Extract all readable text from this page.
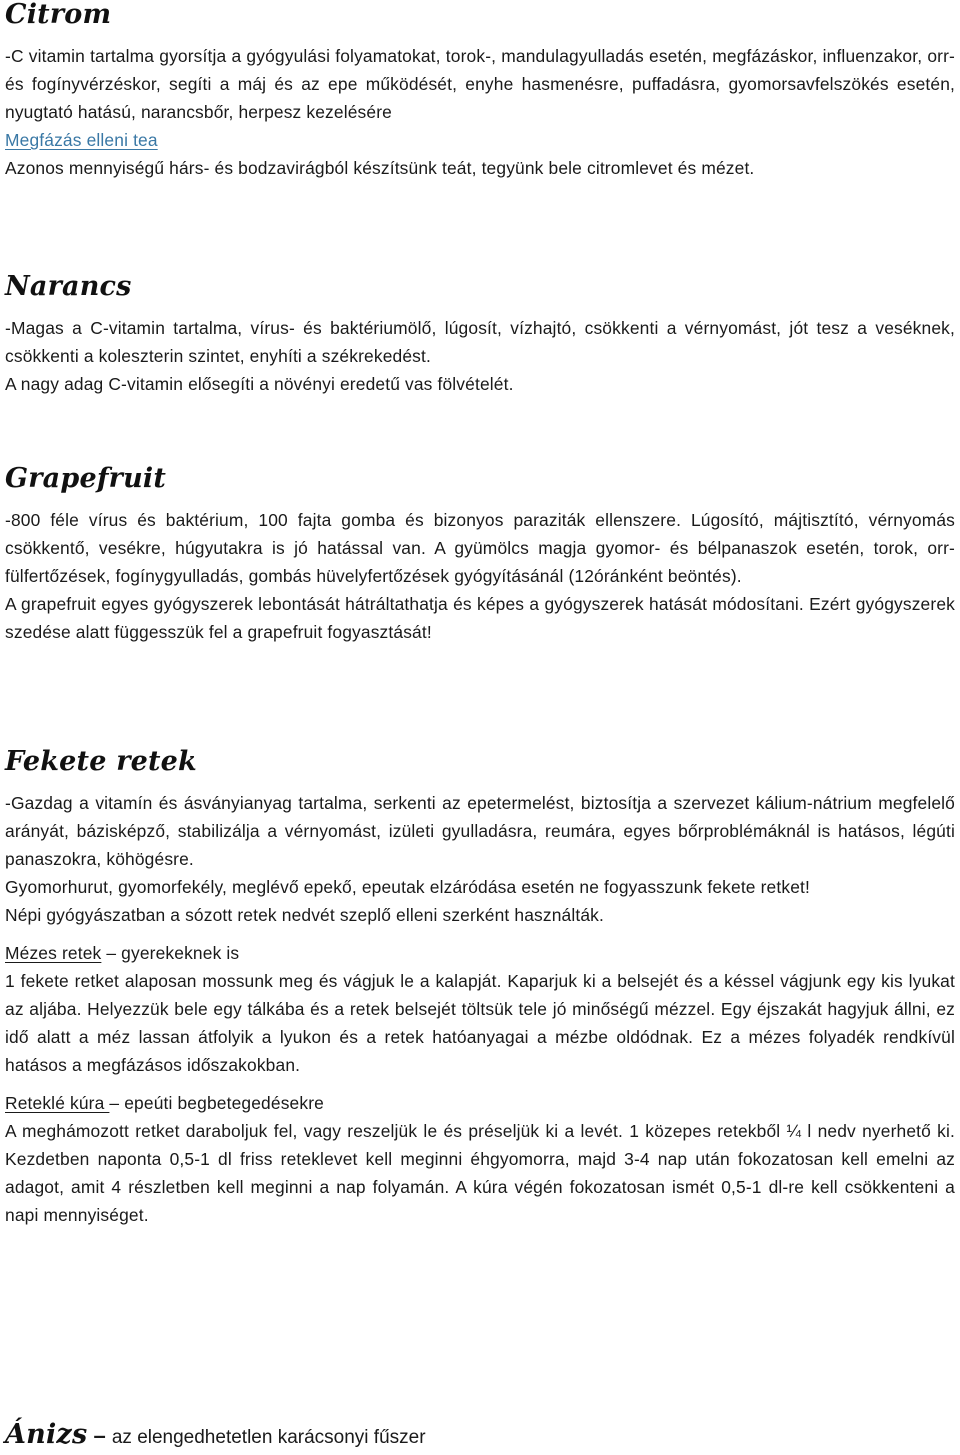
Citrom

-C vitamin tartalma gyorsítja a gyógyulási folyamatokat, torok-, mandulagyulladás esetén, megfázáskor, influenzakor, orr- és fogínyvérzéskor, segíti a máj és az epe működését, enyhe hasmenésre, puffadásra, gyomorsavfelszökés esetén, nyugtató hatású, narancsbőr, herpesz kezelésére

Megfázás elleni tea

Azonos mennyiségű hárs- és bodzavirágból készítsünk teát, tegyünk bele citromlevet és mézet.

Narancs

-Magas a C-vitamin tartalma, vírus- és baktériumölő, lúgosít, vízhajtó, csökkenti a vérnyomást, jót tesz a veséknek, csökkenti a koleszterin szintet, enyhíti a székrekedést.

A nagy adag C-vitamin elősegíti a növényi eredetű vas fölvételét.

Grapefruit

-800 féle vírus és baktérium, 100 fajta gomba és bizonyos paraziták ellenszere. Lúgosító, májtisztító, vérnyomás csökkentő, vesékre, húgyutakra is jó hatással van. A gyümölcs magja gyomor- és bélpanaszok esetén, torok, orr-fülfertőzések, fogínygyulladás, gombás hüvelyfertőzések gyógyításánál (12óránként beöntés).

A grapefruit egyes gyógyszerek lebontását hátráltathatja és képes a gyógyszerek hatását módosítani. Ezért gyógyszerek szedése alatt függesszük fel a grapefruit fogyasztását!

Fekete retek

-Gazdag a vitamín és ásványianyag tartalma, serkenti az epetermelést, biztosítja a szervezet kálium-nátrium megfelelő arányát, bázisképző, stabilizálja a vérnyomást, izületi gyulladásra, reumára, egyes bőrproblémáknál is hatásos, légúti panaszokra, köhögésre.

Gyomorhurut, gyomorfekély, meglévő epekő, epeutak elzáródása esetén ne fogyasszunk fekete retket!

Népi gyógyászatban a sózott retek nedvét szeplő elleni szerként használták.

Mézes retek – gyerekeknek is

1 fekete retket alaposan mossunk meg és vágjuk le a kalapját. Kaparjuk ki a belsejét és a késsel vágjunk egy kis lyukat az aljába. Helyezzük bele egy tálkába és a retek belsejét töltsük tele jó minőségű mézzel. Egy éjszakát hagyjuk állni, ez idő alatt a méz lassan átfolyik a lyukon és a retek hatóanyagai a mézbe oldódnak. Ez a mézes folyadék rendkívül hatásos a megfázásos időszakokban.

Reteklé kúra – epeúti begbetegedésekre

A meghámozott retket daraboljuk fel, vagy reszeljük le és préseljük ki a levét. 1 közepes retekből ¼ l nedv nyerhető ki. Kezdetben naponta 0,5-1 dl friss reteklevet kell meginni éhgyomorra, majd 3-4 nap után fokozatosan kell emelni az adagot, amit 4 részletben kell meginni a nap folyamán. A kúra végén fokozatosan ismét 0,5-1 dl-re kell csökkenteni a napi mennyiséget.

Ánizs – az elengedhetetlen karácsonyi fűszer
